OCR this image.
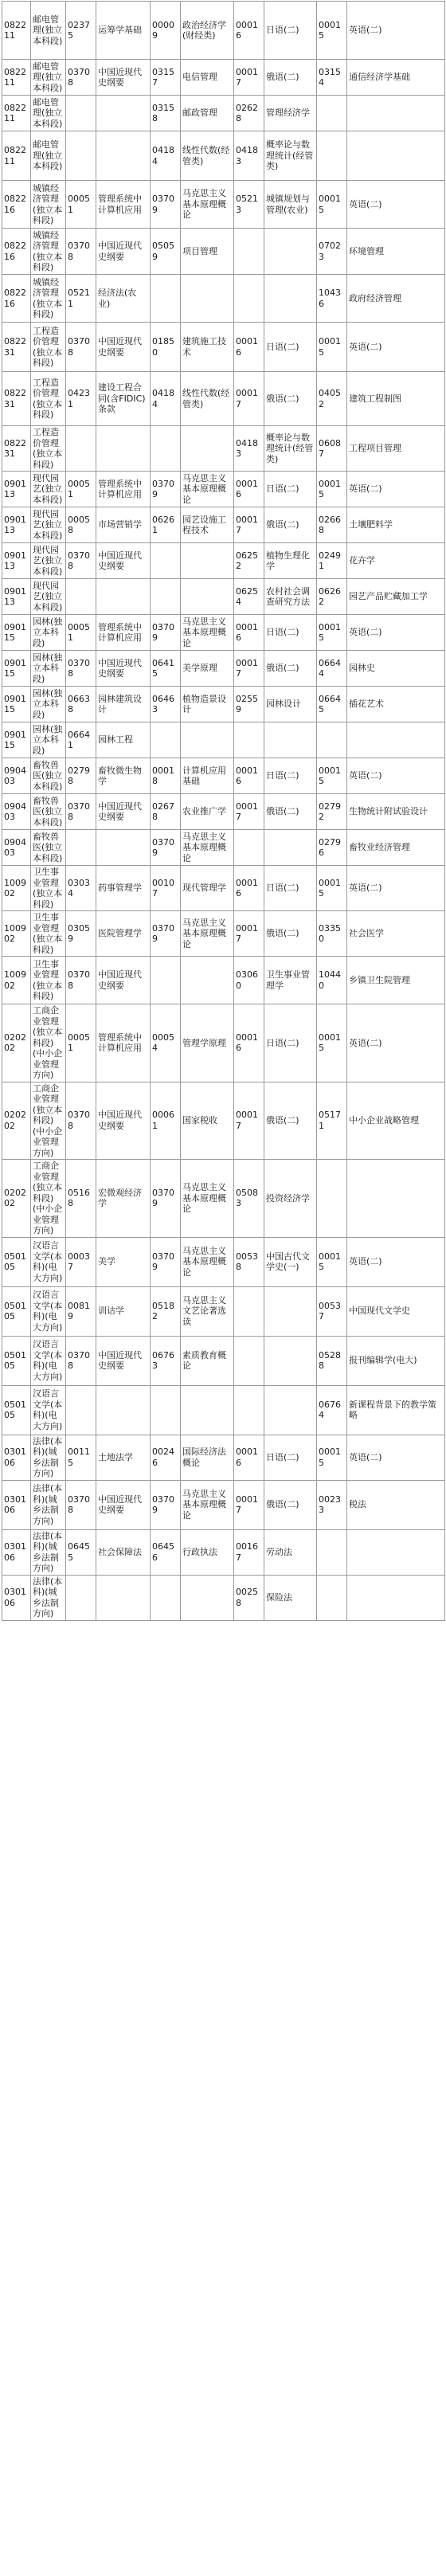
082211	邮电管理(独立本科段)	02375	运筹学基础	00009	政治经济学(财经类)	00016	日语(二)	00015	英语(二)
082211	邮电管理(独立本科段)	03708	中国近现代史纲要	03157	电信管理	00017	俄语(二)	03154	通信经济学基础
082211	邮电管理(独立本科段)			03158	邮政管理	02628	管理经济学		
082211	邮电管理(独立本科段)			04184	线性代数(经管类)	04183	概率论与数理统计(经管类)		
082216	城镇经济管理(独立本科段)	00051	管理系统中计算机应用	03709	马克思主义基本原理概论	05213	城镇规划与管理(农业)	00015	英语(二)
082216	城镇经济管理(独立本科段)	03708	中国近现代史纲要	05059	项目管理			07023	环境管理
082216	城镇经济管理(独立本科段)	05211	经济法(农业)					10436	政府经济管理
082231	工程造价管理(独立本科段)	03708	中国近现代史纲要	01850	建筑施工技术	00016	日语(二)	00015	英语(二)
082231	工程造价管理(独立本科段)	04231	建设工程合同(含FIDIC)条款	04184	线性代数(经管类)	00017	俄语(二)	04052	建筑工程制图
082231	工程造价管理(独立本科段)					04183	概率论与数理统计(经管类)	06087	工程项目管理
090113	现代园艺(独立本科段)	00051	管理系统中计算机应用	03709	马克思主义基本原理概论	00016	日语(二)	00015	英语(二)
090113	现代园艺(独立本科段)	00058	市场营销学	06261	园艺设施工程技术	00017	俄语(二)	02668	土壤肥料学
090113	现代园艺(独立本科段)	03708	中国近现代史纲要			06252	植物生理化学	02491	花卉学
090113	现代园艺(独立本科段)					06254	农村社会调查研究方法	06262	园艺产品贮藏加工学
090115	园林(独立本科段)	00051	管理系统中计算机应用	03709	马克思主义基本原理概论	00016	日语(二)	00015	英语(二)
090115	园林(独立本科段)	03708	中国近现代史纲要	06415	美学原理	00017	俄语(二)	06644	园林史
090115	园林(独立本科段)	06638	园林建筑设计	06463	植物造景设计	02559	园林设计	06645	插花艺术
090115	园林(独立本科段)	06641	园林工程						
090403	畜牧兽医(独立本科段)	02798	畜牧微生物学	00018	计算机应用基础	00016	日语(二)	00015	英语(二)
090403	畜牧兽医(独立本科段)	03708	中国近现代史纲要	02678	农业推广学	00017	俄语(二)	02792	生物统计附试验设计
090403	畜牧兽医(独立本科段)			03709	马克思主义基本原理概论			02796	畜牧业经济管理
100902	卫生事业管理(独立本科段)	03034	药事管理学	00107	现代管理学	00016	日语(二)	00015	英语(二)
100902	卫生事业管理(独立本科段)	03059	医院管理学	03709	马克思主义基本原理概论	00017	俄语(二)	03350	社会医学
100902	卫生事业管理(独立本科段)	03708	中国近现代史纲要			03060	卫生事业管理学	10440	乡镇卫生院管理
020202	工商企业管理(独立本科段)(中小企业管理方向)	00051	管理系统中计算机应用	00054	管理学原理	00016	日语(二)	00015	英语(二)
020202	工商企业管理(独立本科段)(中小企业管理方向)	03708	中国近现代史纲要	00061	国家税收	00017	俄语(二)	05171	中小企业战略管理
020202	工商企业管理(独立本科段)(中小企业管理方向)	05168	宏微观经济学	03709	马克思主义基本原理概论	05083	投资经济学		
050105	汉语言文学(本科)(电大方向)	00037	美学	03709	马克思主义基本原理概论	00538	中国古代文学史(一)	00015	英语(二)
050105	汉语言文学(本科)(电大方向)	00819	训诂学	05182	马克思主义文艺论著选读			00537	中国现代文学史
050105	汉语言文学(本科)(电大方向)	03708	中国近现代史纲要	06763	素质教育概论			05288	报刊编辑学(电大)
050105	汉语言文学(本科)(电大方向)							06764	新课程背景下的教学策略
030106	法律(本科)(城乡法制方向)	00115	土地法学	00246	国际经济法概论	00016	日语(二)	00015	英语(二)
030106	法律(本科)(城乡法制方向)	03708	中国近现代史纲要	03709	马克思主义基本原理概论	00017	俄语(二)	00233	税法
030106	法律(本科)(城乡法制方向)	06455	社会保障法	06456	行政执法	00167	劳动法		
030106	法律(本科)(城乡法制方向)					00258	保险法		
